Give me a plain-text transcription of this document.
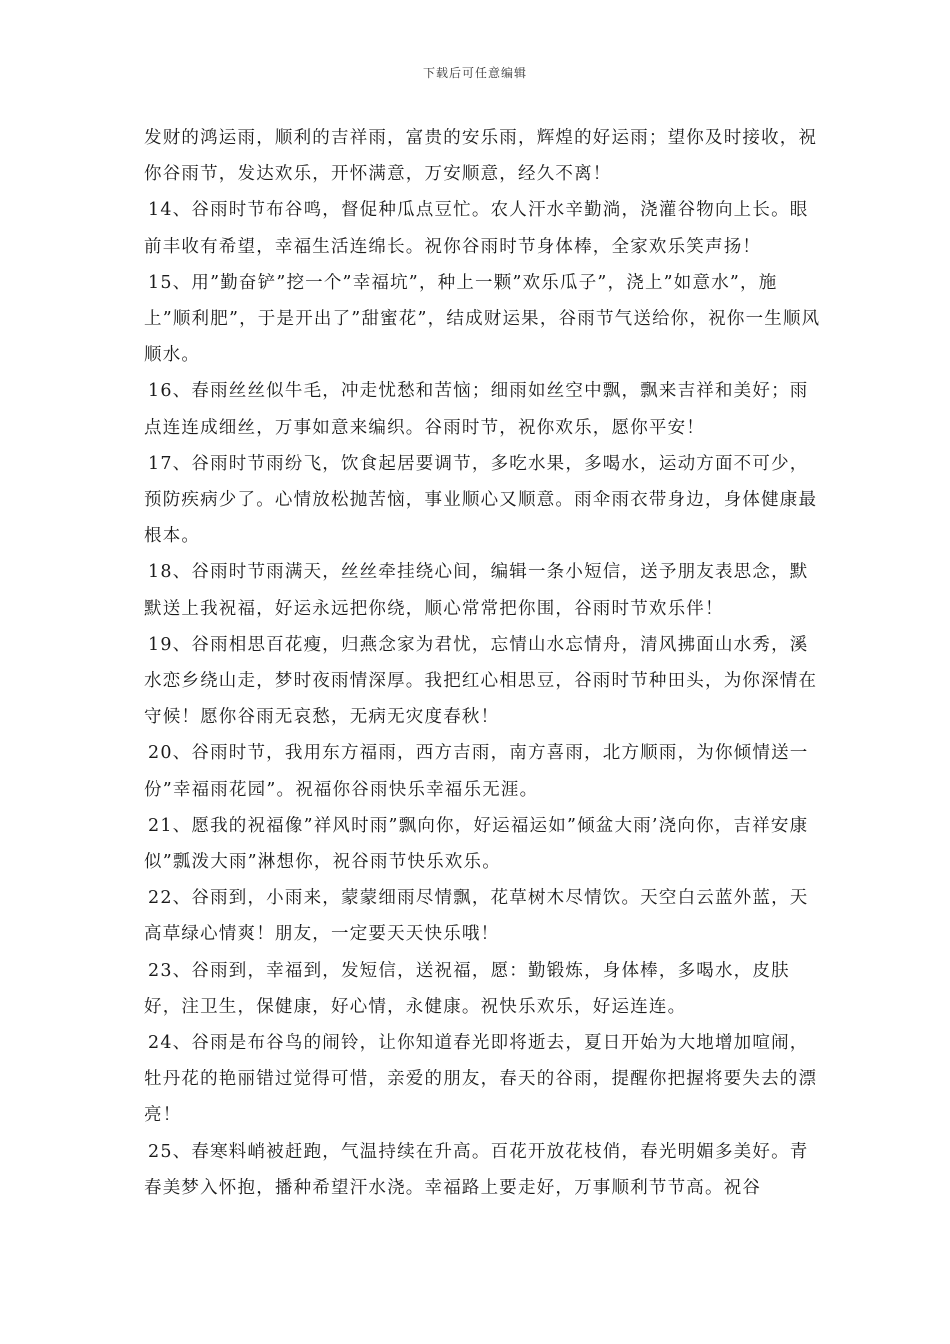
下载后可任意编辑

发财的鸿运雨，顺利的吉祥雨，富贵的安乐雨，辉煌的好运雨；望你及时接收，祝你谷雨节，发达欢乐，开怀满意，万安顺意，经久不离！

14、谷雨时节布谷鸣，督促种瓜点豆忙。农人汗水辛勤淌，浇灌谷物向上长。眼前丰收有希望，幸福生活连绵长。祝你谷雨时节身体棒，全家欢乐笑声扬！

15、用”勤奋铲”挖一个”幸福坑”，种上一颗”欢乐瓜子”，浇上”如意水”，施上”顺利肥”，于是开出了”甜蜜花”，结成财运果，谷雨节气送给你，祝你一生顺风顺水。

16、春雨丝丝似牛毛，冲走忧愁和苦恼；细雨如丝空中飘，飘来吉祥和美好；雨点连连成细丝，万事如意来编织。谷雨时节，祝你欢乐，愿你平安！

17、谷雨时节雨纷飞，饮食起居要调节，多吃水果，多喝水，运动方面不可少，预防疾病少了。心情放松抛苦恼，事业顺心又顺意。雨伞雨衣带身边，身体健康最根本。

18、谷雨时节雨满天，丝丝牵挂绕心间，编辑一条小短信，送予朋友表思念，默默送上我祝福，好运永远把你绕，顺心常常把你围，谷雨时节欢乐伴！

19、谷雨相思百花瘦，归燕念家为君忧，忘情山水忘情舟，清风拂面山水秀，溪水恋乡绕山走，梦时夜雨情深厚。我把红心相思豆，谷雨时节种田头，为你深情在守候！愿你谷雨无哀愁，无病无灾度春秋！

20、谷雨时节，我用东方福雨，西方吉雨，南方喜雨，北方顺雨，为你倾情送一份”幸福雨花园”。祝福你谷雨快乐幸福乐无涯。

21、愿我的祝福像”祥风时雨”飘向你，好运福运如”倾盆大雨’浇向你，吉祥安康似”瓢泼大雨”淋想你，祝谷雨节快乐欢乐。

22、谷雨到，小雨来，蒙蒙细雨尽情飘，花草树木尽情饮。天空白云蓝外蓝，天高草绿心情爽！朋友，一定要天天快乐哦！

23、谷雨到，幸福到，发短信，送祝福，愿：勤锻炼，身体棒，多喝水，皮肤好，注卫生，保健康，好心情，永健康。祝快乐欢乐，好运连连。

24、谷雨是布谷鸟的闹铃，让你知道春光即将逝去，夏日开始为大地增加喧闹，牡丹花的艳丽错过觉得可惜，亲爱的朋友，春天的谷雨，提醒你把握将要失去的漂亮！

25、春寒料峭被赶跑，气温持续在升高。百花开放花枝俏，春光明媚多美好。青春美梦入怀抱，播种希望汗水浇。幸福路上要走好，万事顺利节节高。祝谷
